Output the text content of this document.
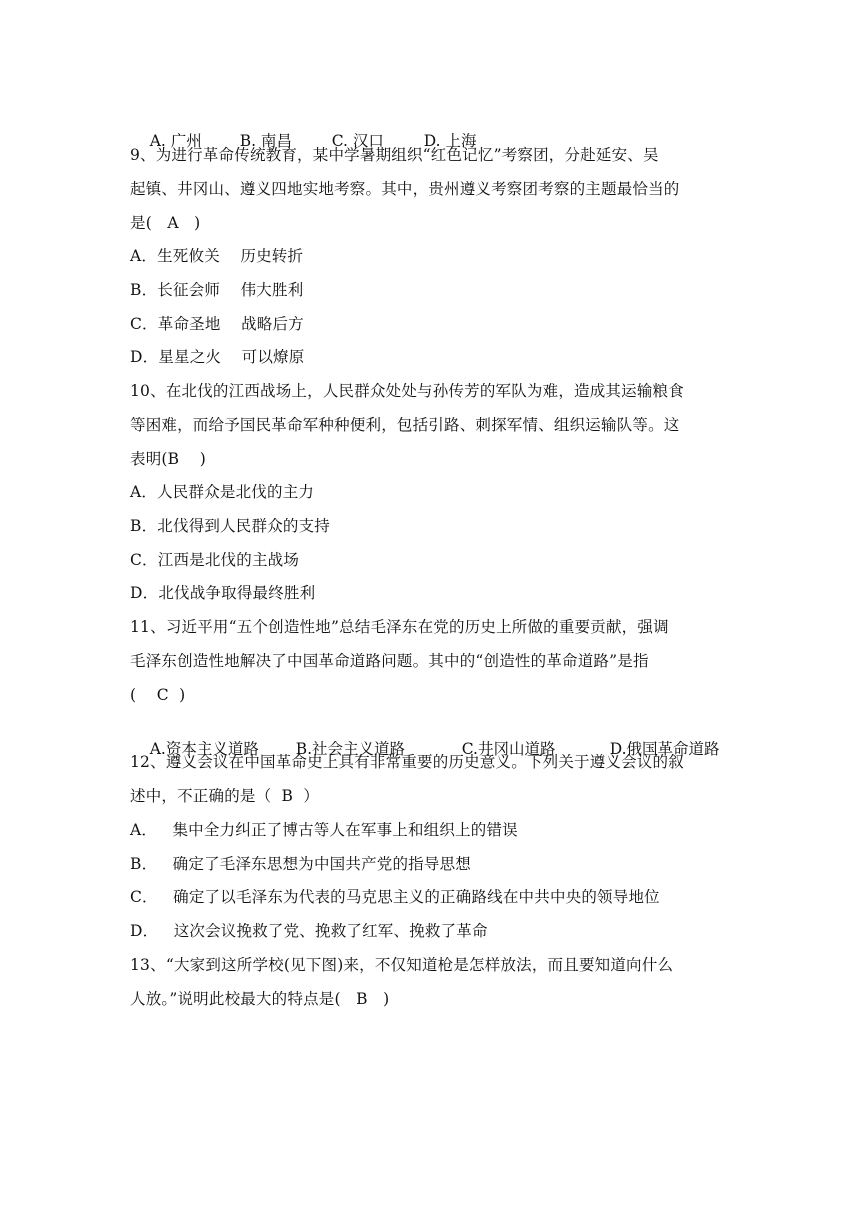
A. 广州 B. 南昌	C. 汉口	D. 上海

9、为进行革命传统教育，某中学暑期组织“红色记忆”考察团，分赴延安、吴
起镇、井冈山、遵义四地实地考察。其中，贵州遵义考察团考察的主题最恰当的
是(   A   )
A．生死攸关    历史转折
B．长征会师    伟大胜利
C．革命圣地    战略后方
D．星星之火    可以燎原
10、在北伐的江西战场上，人民群众处处与孙传芳的军队为难，造成其运输粮食
等困难，而给予国民革命军种种便利，包括引路、刺探军情、组织运输队等。这
表明(B    )
A．人民群众是北伐的主力
B．北伐得到人民群众的支持
C．江西是北伐的主战场
D．北伐战争取得最终胜利
11、习近平用“五个创造性地”总结毛泽东在党的历史上所做的重要贡献，强调
毛泽东创造性地解决了中国革命道路问题。其中的“创造性的革命道路”是指
(    C  )

A.资本主义道路 B.社会主义道路	C.井冈山道路	D.俄国革命道路

12、遵义会议在中国革命史上具有非常重要的历史意义。下列关于遵义会议的叙
述中，不正确的是（  B  ）
A．   集中全力纠正了博古等人在军事上和组织上的错误
B．   确定了毛泽东思想为中国共产党的指导思想
C．   确定了以毛泽东为代表的马克思主义的正确路线在中共中央的领导地位
D．   这次会议挽救了党、挽救了红军、挽救了革命
13、“大家到这所学校(见下图)来，不仅知道枪是怎样放法，而且要知道向什么
人放。”说明此校最大的特点是(   B   )
